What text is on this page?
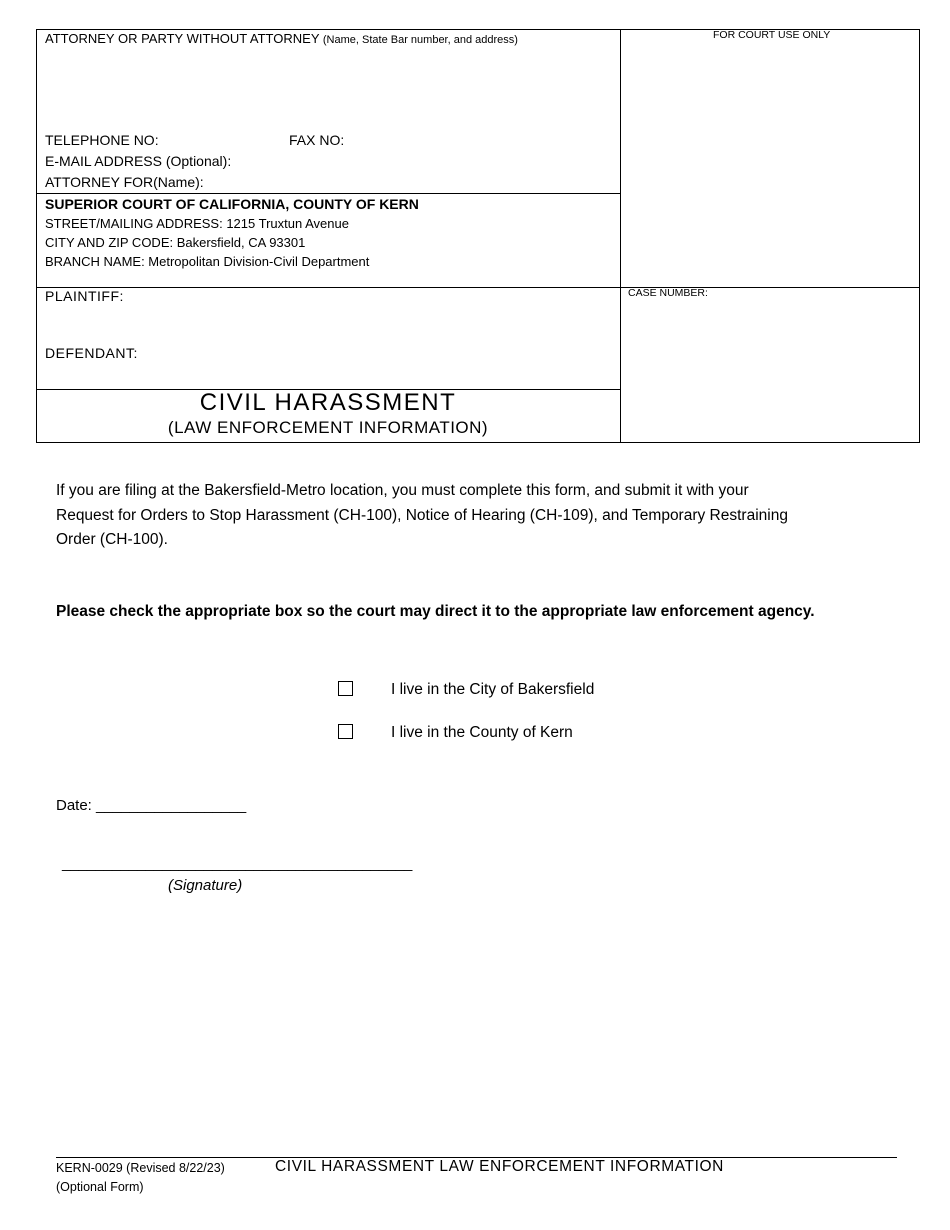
ATTORNEY OR PARTY WITHOUT ATTORNEY (Name, State Bar number, and address)
TELEPHONE NO:	FAX NO:
E-MAIL ADDRESS (Optional):
ATTORNEY FOR(Name):
FOR COURT USE ONLY
SUPERIOR COURT OF CALIFORNIA, COUNTY OF KERN
STREET/MAILING ADDRESS: 1215 Truxtun Avenue
CITY AND ZIP CODE: Bakersfield, CA 93301
BRANCH NAME: Metropolitan Division-Civil Department
PLAINTIFF:
DEFENDANT:
CASE NUMBER:
CIVIL HARASSMENT
(LAW ENFORCEMENT INFORMATION)
If you are filing at the Bakersfield-Metro location, you must complete this form, and submit it with your
Request for Orders to Stop Harassment (CH-100), Notice of Hearing (CH-109), and Temporary Restraining
Order (CH-100).
Please check the appropriate box so the court may direct it to the appropriate law enforcement agency.
I live in the City of Bakersfield
I live in the County of Kern
Date: __________________
__________________________________________
(Signature)
KERN-0029 (Revised 8/22/23)
(Optional Form)
CIVIL HARASSMENT LAW ENFORCEMENT INFORMATION
